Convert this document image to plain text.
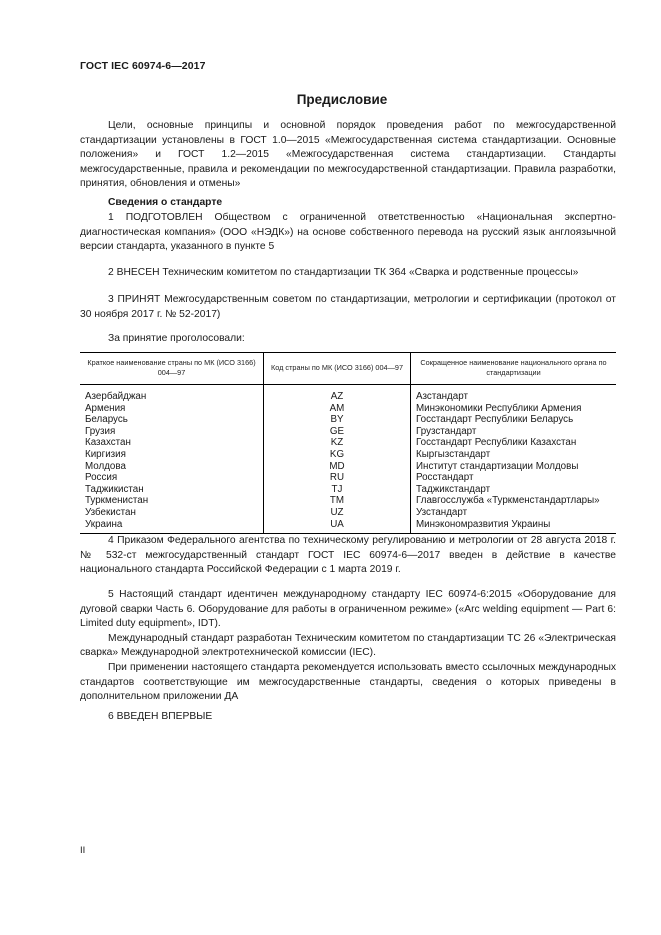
ГОСТ IEC 60974-6—2017
Предисловие

Цели, основные принципы и основной порядок проведения работ по межгосударственной стандартизации установлены в ГОСТ 1.0—2015 «Межгосударственная система стандартизации. Основные положения» и ГОСТ 1.2—2015 «Межгосударственная система стандартизации. Стандарты межгосударственные, правила и рекомендации по межгосударственной стандартизации. Правила разработки, принятия, обновления и отмены»

Сведения о стандарте

1 ПОДГОТОВЛЕН Обществом с ограниченной ответственностью «Национальная экспертно-диагностическая компания» (ООО «НЭДК») на основе собственного перевода на русский язык англоязычной версии стандарта, указанного в пункте 5

2 ВНЕСЕН Техническим комитетом по стандартизации ТК 364 «Сварка и родственные процессы»

3 ПРИНЯТ Межгосударственным советом по стандартизации, метрологии и сертификации (протокол от 30 ноября 2017 г. № 52-2017)

За принятие проголосовали:

Краткое наименование страны по МК (ИСО 3166) 004—97	Код страны по МК (ИСО 3166) 004—97	Сокращенное наименование национального органа по стандартизации
Азербайджан	AZ	Азстандарт
Армения	AM	Минэкономики Республики Армения
Беларусь	BY	Госстандарт Республики Беларусь
Грузия	GE	Грузстандарт
Казахстан	KZ	Госстандарт Республики Казахстан
Киргизия	KG	Кыргызстандарт
Молдова	MD	Институт стандартизации Молдовы
Россия	RU	Росстандарт
Таджикистан	TJ	Таджикстандарт
Туркменистан	TM	Главгосслужба «Туркменстандартлары»
Узбекистан	UZ	Узстандарт
Украина	UA	Минэкономразвития Украины

4 Приказом Федерального агентства по техническому регулированию и метрологии от 28 августа 2018 г. № 532-ст межгосударственный стандарт ГОСТ IEC 60974-6—2017 введен в действие в качестве национального стандарта Российской Федерации с 1 марта 2019 г.

5 Настоящий стандарт идентичен международному стандарту IEC 60974-6:2015 «Оборудование для дуговой сварки Часть 6. Оборудование для работы в ограниченном режиме» («Arc welding equipment — Part 6: Limited duty equipment», IDT).

Международный стандарт разработан Техническим комитетом по стандартизации ТС 26 «Электрическая сварка» Международной электротехнической комиссии (IEC).

При применении настоящего стандарта рекомендуется использовать вместо ссылочных международных стандартов соответствующие им межгосударственные стандарты, сведения о которых приведены в дополнительном приложении ДА

6 ВВЕДЕН ВПЕРВЫЕ

II
